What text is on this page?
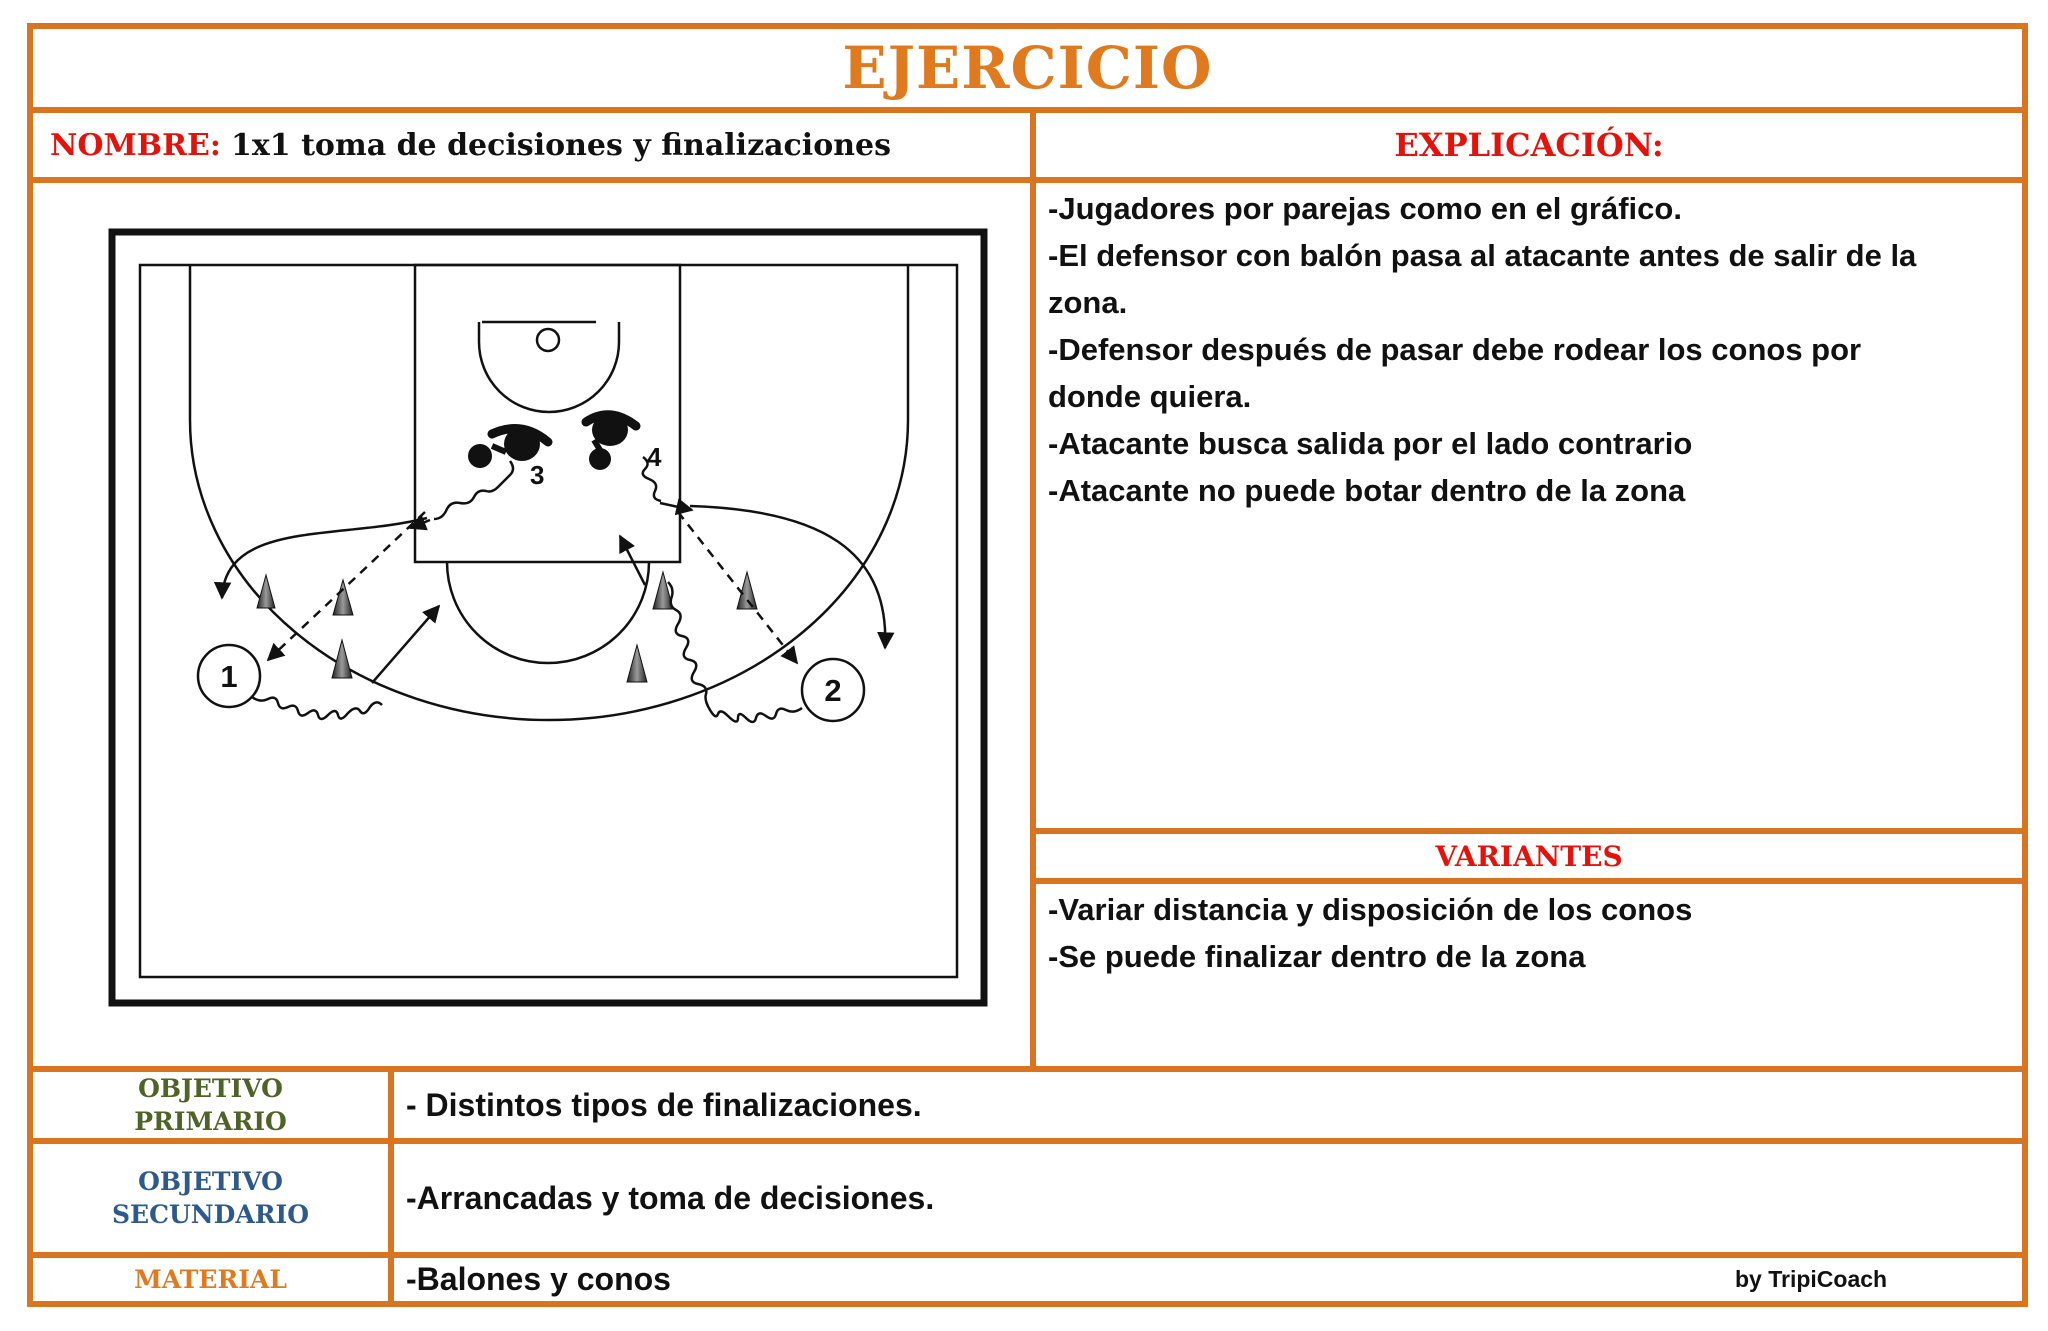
EJERCICIO
NOMBRE: 1x1 toma de decisiones y finalizaciones	EXPLICACIÓN:
-Jugadores por parejas como en el gráfico.
-El defensor con balón pasa al atacante antes de salir de la
zona.
-Defensor después de pasar debe rodear los conos por
donde quiera.
-Atacante busca salida por el lado contrario
-Atacante no puede botar dentro de la zona
VARIANTES
-Variar distancia y disposición de los conos
-Se puede finalizar dentro de la zona
OBJETIVO
PRIMARIO	- Distintos tipos de finalizaciones.
OBJETIVO
SECUNDARIO	-Arrancadas y toma de decisiones.
MATERIAL	-Balones y conos	by TripiCoach
3
4
1	2
